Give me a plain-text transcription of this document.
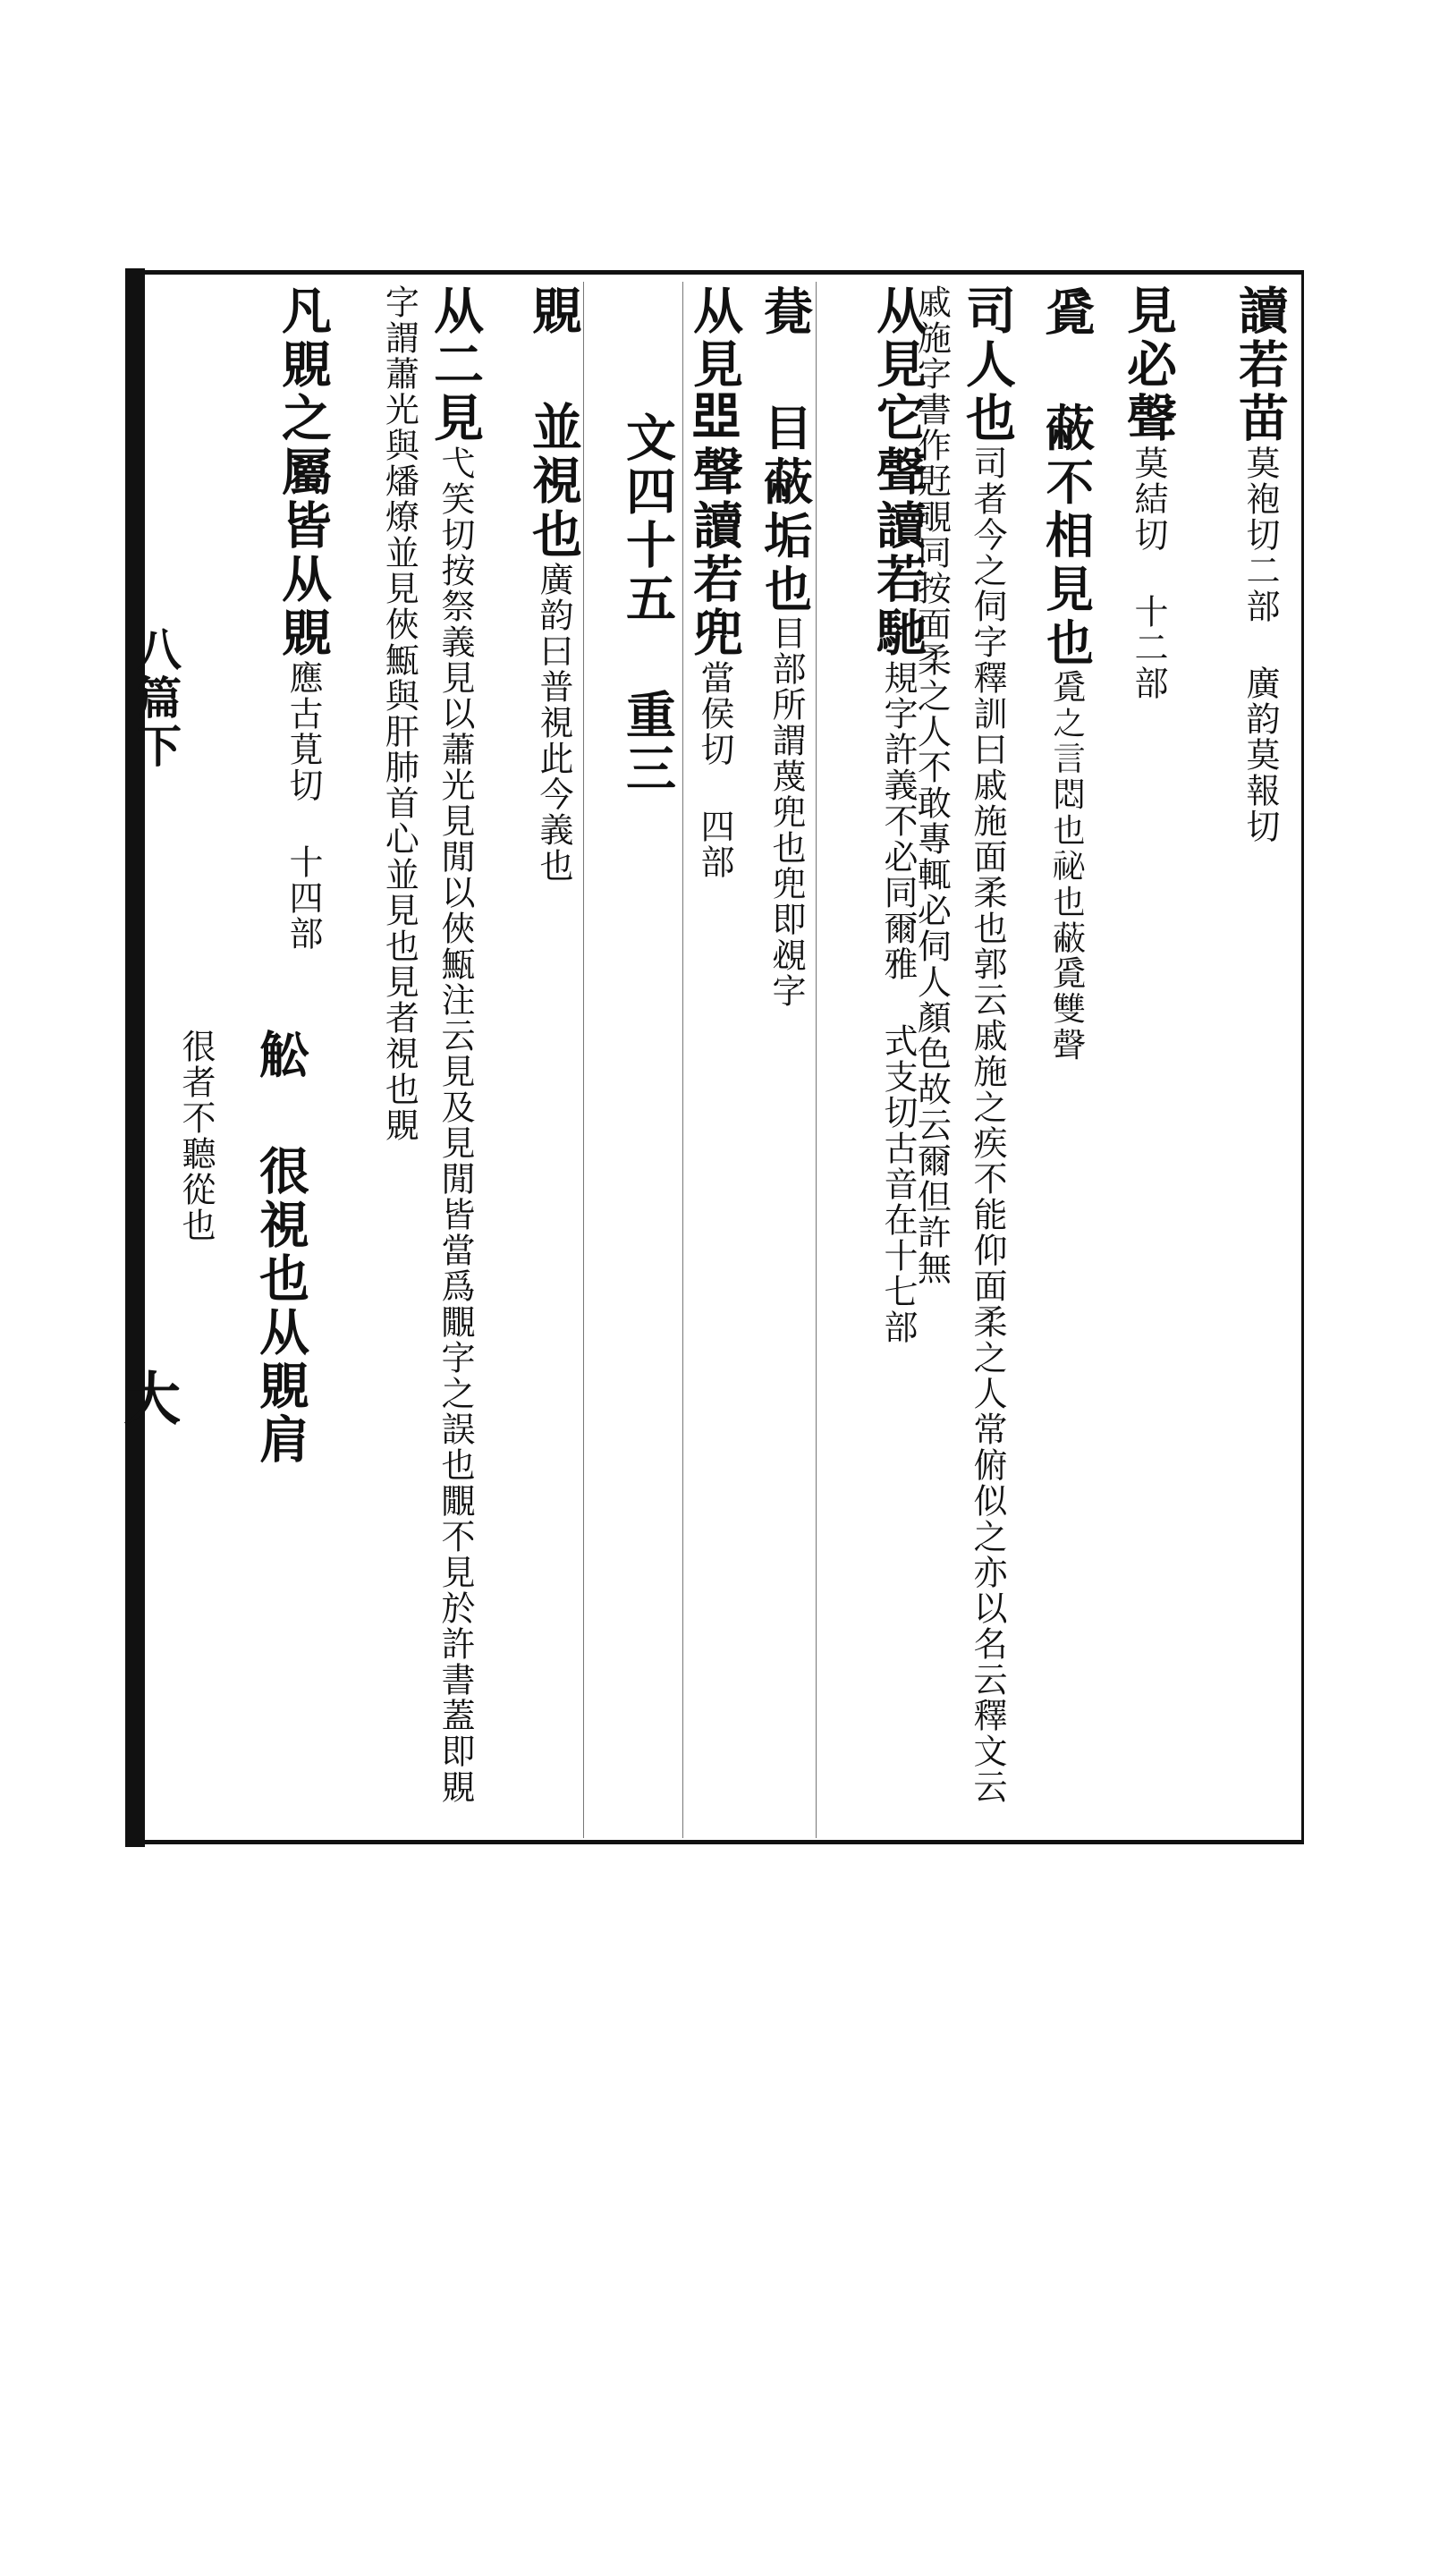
八篇下
大
讀若苗莫袍切二部 廣韵莫報切
見必聲莫結切 十二部
𧠨 蔽不相見也𧠨之言悶也祕也蔽𧠨雙聲
司人也司者今之伺字釋訓曰戚施面柔也郭云戚施之疾不能仰面柔之人常俯似之亦以名云釋文云戚施字書作覎覗同按面柔之人不敢專輒必伺人顏色故云爾但許無
从見它聲讀若馳規字許義不必同爾雅 式支切古音在十七部
𧠩 目蔽垢也目部所謂蔑兜也兜即覕字
从見𠁁聲讀若兜當侯切 四部
文四十五 重三
覞 並視也廣韵曰普視此今義也
从二見弋笑切按祭義見以蕭光見閒以俠甒注云見及見閒皆當爲覵字之誤也覵不見於許書蓋即覞字謂蕭光與燔燎並見俠甒與肝肺首心並見也見者視也覞
凡覞之屬皆从覞應古莧切 十四部
很者不聽從也 䚗 很視也从覞肩
